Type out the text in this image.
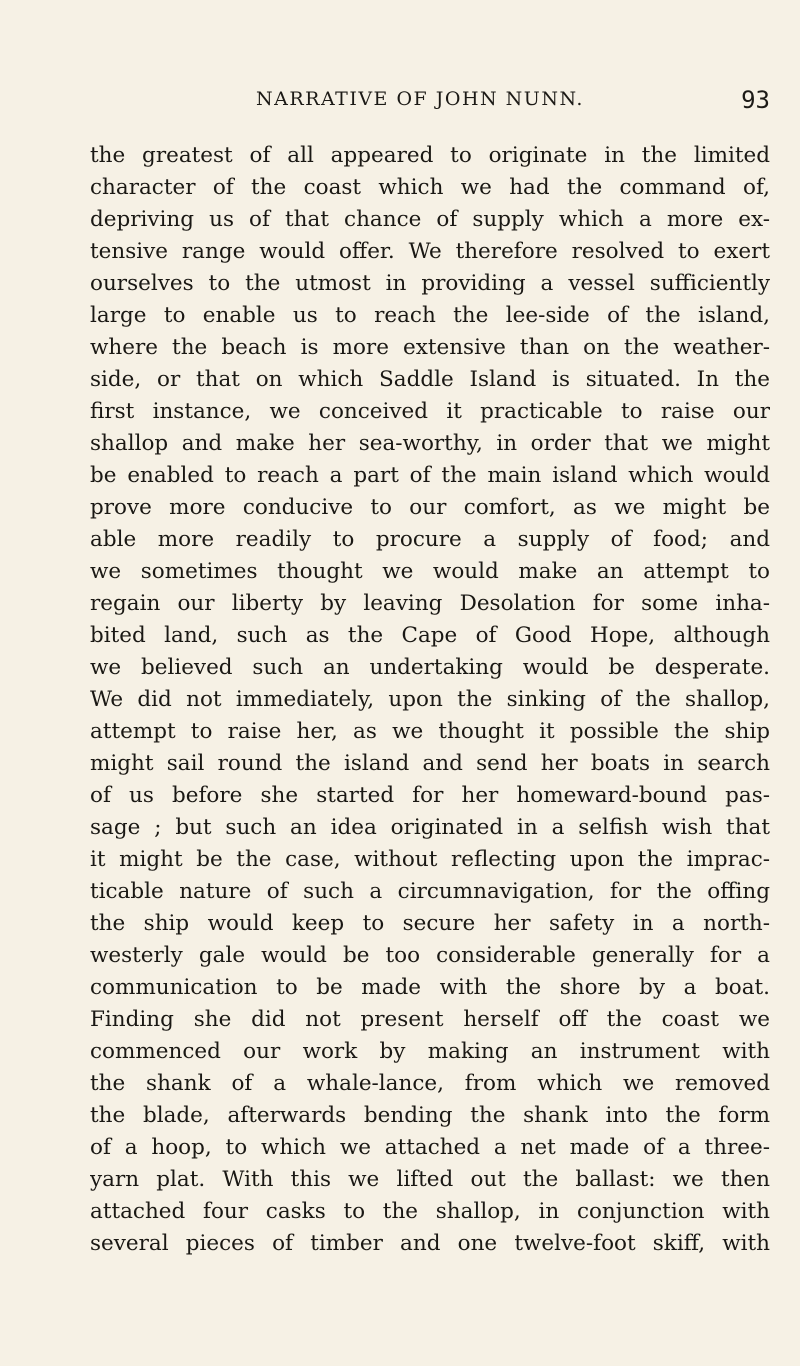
NARRATIVE OF JOHN NUNN.	93
the greatest of all appeared to originate in the limited
character of the coast which we had the command of,
depriving us of that chance of supply which a more ex-
tensive range would offer. We therefore resolved to exert
ourselves to the utmost in providing a vessel sufficiently
large to enable us to reach the lee-side of the island,
where the beach is more extensive than on the weather-
side, or that on which Saddle Island is situated. In the
first instance, we conceived it practicable to raise our
shallop and make her sea-worthy, in order that we might
be enabled to reach a part of the main island which would
prove more conducive to our comfort, as we might be
able more readily to procure a supply of food; and
we sometimes thought we would make an attempt to
regain our liberty by leaving Desolation for some inha-
bited land, such as the Cape of Good Hope, although
we believed such an undertaking would be desperate.
We did not immediately, upon the sinking of the shallop,
attempt to raise her, as we thought it possible the ship
might sail round the island and send her boats in search
of us before she started for her homeward-bound pas-
sage ; but such an idea originated in a selfish wish that
it might be the case, without reflecting upon the imprac-
ticable nature of such a circumnavigation, for the offing
the ship would keep to secure her safety in a north-
westerly gale would be too considerable generally for a
communication to be made with the shore by a boat.
Finding she did not present herself off the coast we
commenced our work by making an instrument with
the shank of a whale-lance, from which we removed
the blade, afterwards bending the shank into the form
of a hoop, to which we attached a net made of a three-
yarn plat. With this we lifted out the ballast: we then
attached four casks to the shallop, in conjunction with
several pieces of timber and one twelve-foot skiff, with
